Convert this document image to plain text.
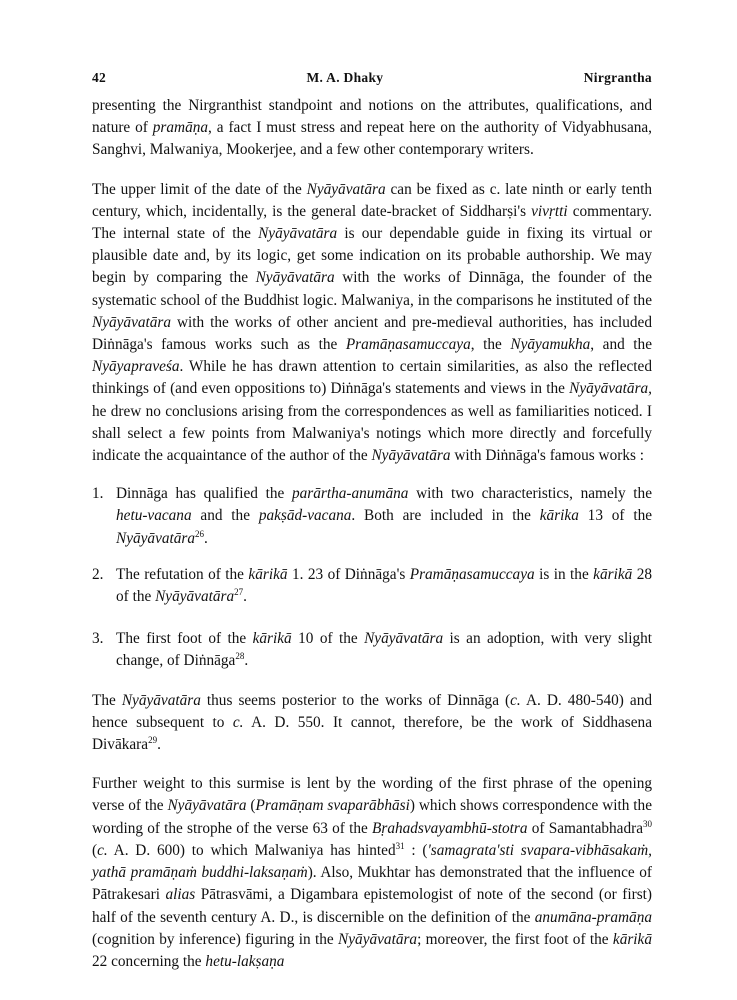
42	M. A. Dhaky	Nirgrantha

presenting the Nirgranthist standpoint and notions on the attributes, qualifications, and nature of pramāṇa, a fact I must stress and repeat here on the authority of Vidyabhusana, Sanghvi, Malwaniya, Mookerjee, and a few other contemporary writers.

The upper limit of the date of the Nyāyāvatāra can be fixed as c. late ninth or early tenth century, which, incidentally, is the general date-bracket of Siddharṣi's vivṛtti commentary. The internal state of the Nyāyāvatāra is our dependable guide in fixing its virtual or plausible date and, by its logic, get some indication on its probable authorship. We may begin by comparing the Nyāyāvatāra with the works of Dinnāga, the founder of the systematic school of the Buddhist logic. Malwaniya, in the comparisons he instituted of the Nyāyāvatāra with the works of other ancient and pre-medieval authorities, has included Diṅnāga's famous works such as the Pramāṇasamuccaya, the Nyāyamukha, and the Nyāyapraveśa. While he has drawn attention to certain similarities, as also the reflected thinkings of (and even oppositions to) Diṅnāga's statements and views in the Nyāyāvatāra, he drew no conclusions arising from the correspondences as well as familiarities noticed. I shall select a few points from Malwaniya's notings which more directly and forcefully indicate the acquaintance of the author of the Nyāyāvatāra with Diṅnāga's famous works :

1. Dinnāga has qualified the parārtha-anumāna with two characteristics, namely the hetu-vacana and the pakṣād-vacana. Both are included in the kārika 13 of the Nyāyāvatāra$^{26}$.
2. The refutation of the kārikā 1. 23 of Diṅnāga's Pramāṇasamuccaya is in the kārikā 28 of the Nyāyāvatāra$^{27}$.
3. The first foot of the kārikā 10 of the Nyāyāvatāra is an adoption, with very slight change, of Diṅnāga$^{28}$.

The Nyāyāvatāra thus seems posterior to the works of Dinnāga (c. A. D. 480-540) and hence subsequent to c. A. D. 550. It cannot, therefore, be the work of Siddhasena Divākara$^{29}$.

Further weight to this surmise is lent by the wording of the first phrase of the opening verse of the Nyāyāvatāra (Pramāṇam svaparābhāsi) which shows correspondence with the wording of the strophe of the verse 63 of the Bṛahadsvayambhū-stotra of Samantabhadra$^{30}$ (c. A. D. 600) to which Malwaniya has hinted$^{31}$ : ('samagrata'sti svapara-vibhāsakaṁ, yathā pramāṇaṁ buddhi-laksaṇaṁ). Also, Mukhtar has demonstrated that the influence of Pātrakesari alias Pātrasvāmi, a Digambara epistemologist of note of the second (or first) half of the seventh century A. D., is discernible on the definition of the anumāna-pramāṇa (cognition by inference) figuring in the Nyāyāvatāra; moreover, the first foot of the kārikā 22 concerning the hetu-lakṣaṇa
